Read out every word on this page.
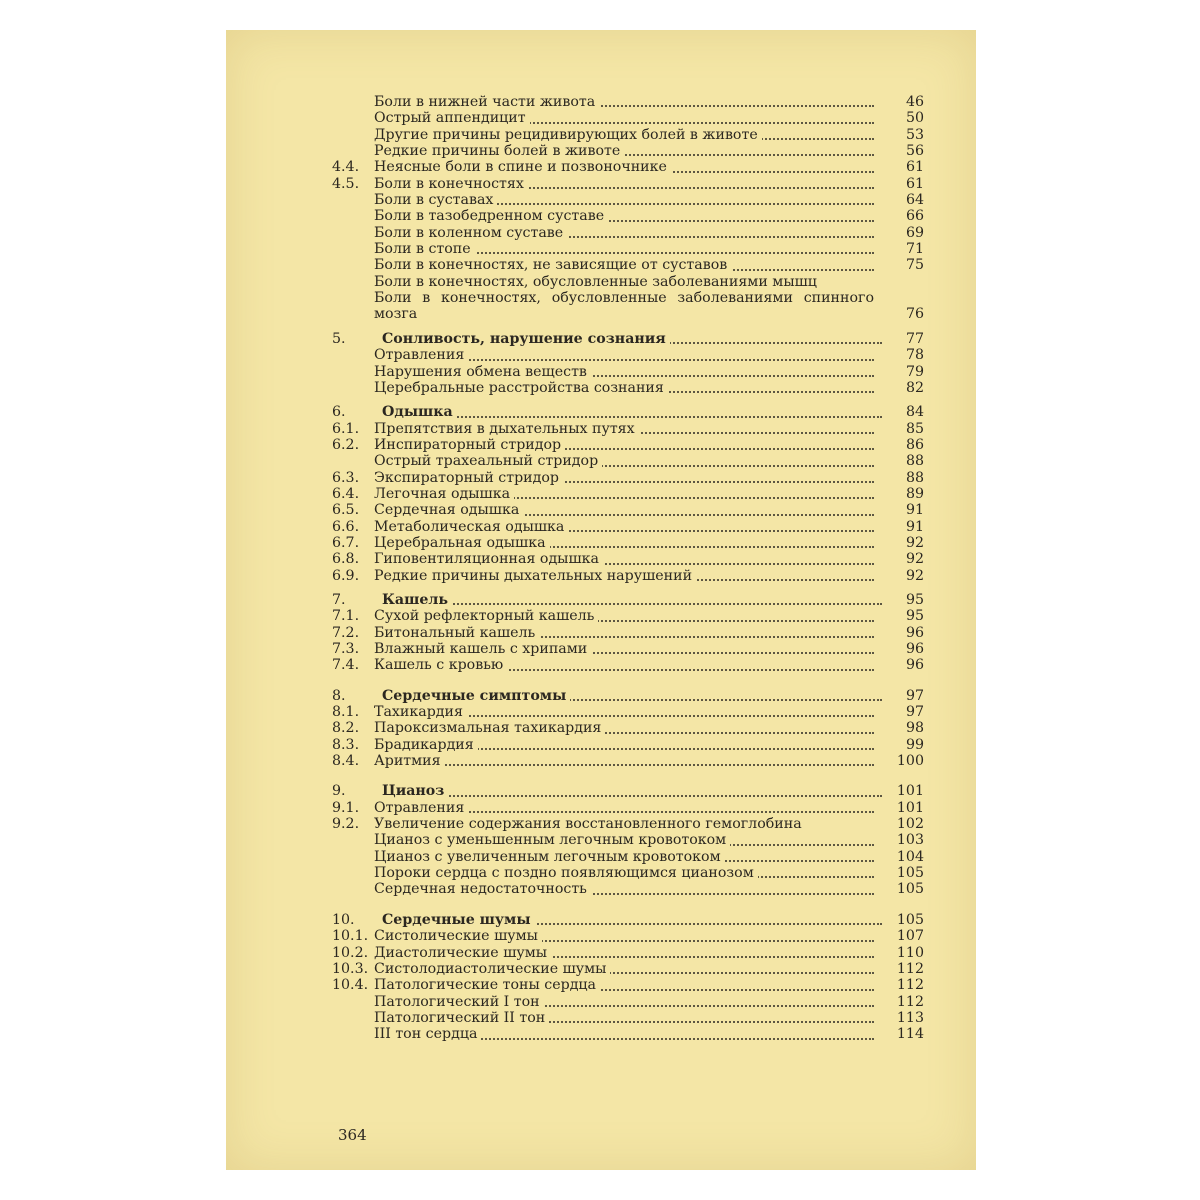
Боли в нижней части живота	46
Острый аппендицит	50
Другие причины рецидивирующих болей в животе	53
Редкие причины болей в животе	56
4.4.	Неясные боли в спине и позвоночнике	61
4.5.	Боли в конечностях	61
Боли в суставах	64
Боли в тазобедренном суставе	66
Боли в коленном суставе	69
Боли в стопе	71
Боли в конечностях, не зависящие от суставов	75
Боли в конечностях, обусловленные заболеваниями мышц
Боли в конечностях, обусловленные заболеваниями спинного мозга	76
5.	Сонливость, нарушение сознания	77
Отравления	78
Нарушения обмена веществ	79
Церебральные расстройства сознания	82
6.	Одышка	84
6.1.	Препятствия в дыхательных путях	85
6.2.	Инспираторный стридор	86
Острый трахеальный стридор	88
6.3.	Экспираторный стридор	88
6.4.	Легочная одышка	89
6.5.	Сердечная одышка	91
6.6.	Метаболическая одышка	91
6.7.	Церебральная одышка	92
6.8.	Гиповентиляционная одышка	92
6.9.	Редкие причины дыхательных нарушений	92
7.	Кашель	95
7.1.	Сухой рефлекторный кашель	95
7.2.	Битональный кашель	96
7.3.	Влажный кашель с хрипами	96
7.4.	Кашель с кровью	96
8.	Сердечные симптомы	97
8.1.	Тахикардия	97
8.2.	Пароксизмальная тахикардия	98
8.3.	Брадикардия	99
8.4.	Аритмия	100
9.	Цианоз	101
9.1.	Отравления	101
9.2.	Увеличение содержания восстановленного гемоглобина	102
Цианоз с уменьшенным легочным кровотоком	103
Цианоз с увеличенным легочным кровотоком	104
Пороки сердца с поздно появляющимся цианозом	105
Сердечная недостаточность	105
10.	Сердечные шумы	105
10.1. Систолические шумы	107
10.2. Диастолические шумы	110
10.3. Систолодиастолические шумы	112
10.4. Патологические тоны сердца	112
Патологический I тон	112
Патологический II тон	113
III тон сердца	114
364
